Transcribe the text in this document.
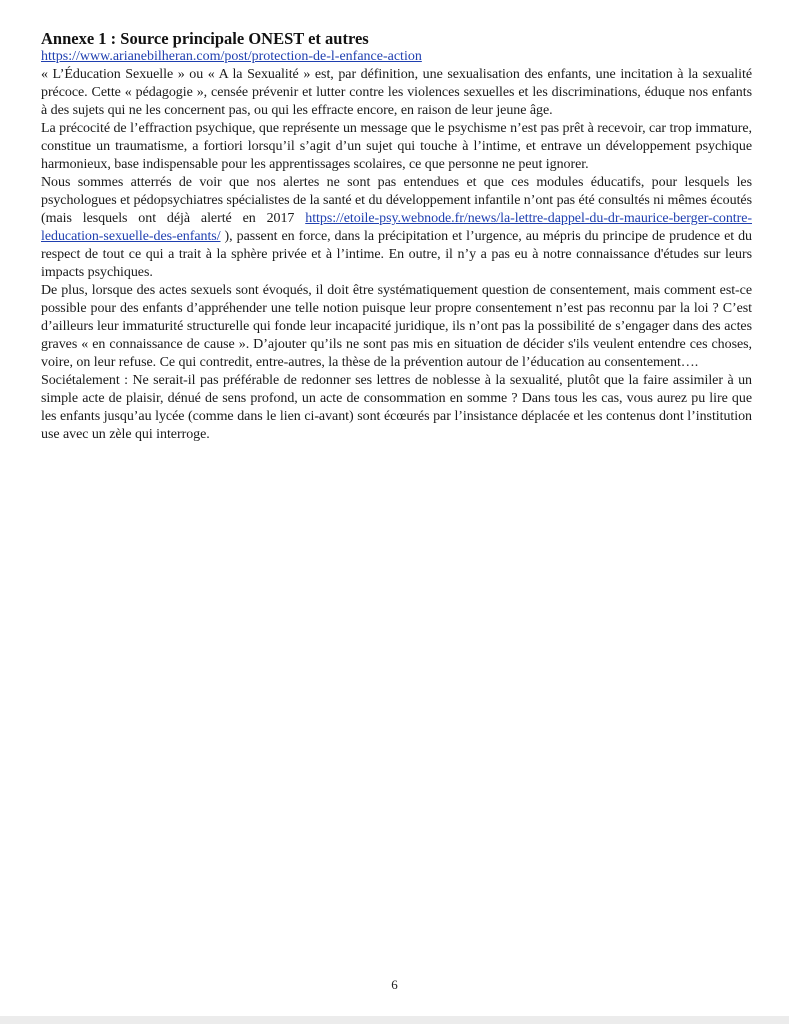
Annexe 1 : Source principale ONEST et autres
https://www.arianebilheran.com/post/protection-de-l-enfance-action

« L’Éducation Sexuelle » ou « A la Sexualité » est, par définition, une sexualisation des enfants, une incitation à la sexualité précoce. Cette « pédagogie », censée prévenir et lutter contre les violences sexuelles et les discriminations, éduque nos enfants à des sujets qui ne les concernent pas, ou qui les effracte encore, en raison de leur jeune âge.

La précocité de l’effraction psychique, que représente un message que le psychisme n’est pas prêt à recevoir, car trop immature, constitue un traumatisme, a fortiori lorsqu’il s’agit d’un sujet qui touche à l’intime, et entrave un développement psychique harmonieux, base indispensable pour les apprentissages scolaires, ce que personne ne peut ignorer.

Nous sommes atterrés de voir que nos alertes ne sont pas entendues et que ces modules éducatifs, pour lesquels les psychologues et pédopsychiatres spécialistes de la santé et du développement infantile n’ont pas été consultés ni mêmes écoutés (mais lesquels ont déjà alerté en 2017 https://etoile-psy.webnode.fr/news/la-lettre-dappel-du-dr-maurice-berger-contre-leducation-sexuelle-des-enfants/ ), passent en force, dans la précipitation et l’urgence, au mépris du principe de prudence et du respect de tout ce qui a trait à la sphère privée et à l’intime. En outre, il n’y a pas eu à notre connaissance d'études sur leurs impacts psychiques.

De plus, lorsque des actes sexuels sont évoqués, il doit être systématiquement question de consentement, mais comment est-ce possible pour des enfants d’appréhender une telle notion puisque leur propre consentement n’est pas reconnu par la loi ? C’est d’ailleurs leur immaturité structurelle qui fonde leur incapacité juridique, ils n’ont pas la possibilité de s’engager dans des actes graves « en connaissance de cause ». D’ajouter qu’ils ne sont pas mis en situation de décider s'ils veulent entendre ces choses, voire, on leur refuse. Ce qui contredit, entre-autres, la thèse de la prévention autour de l’éducation au consentement….

Sociétalement : Ne serait-il pas préférable de redonner ses lettres de noblesse à la sexualité, plutôt que la faire assimiler à un simple acte de plaisir, dénué de sens profond, un acte de consommation en somme ? Dans tous les cas, vous aurez pu lire que les enfants jusqu’au lycée (comme dans le lien ci-avant) sont écœurés par l’insistance déplacée et les contenus dont l’institution use avec un zèle qui interroge.

6
